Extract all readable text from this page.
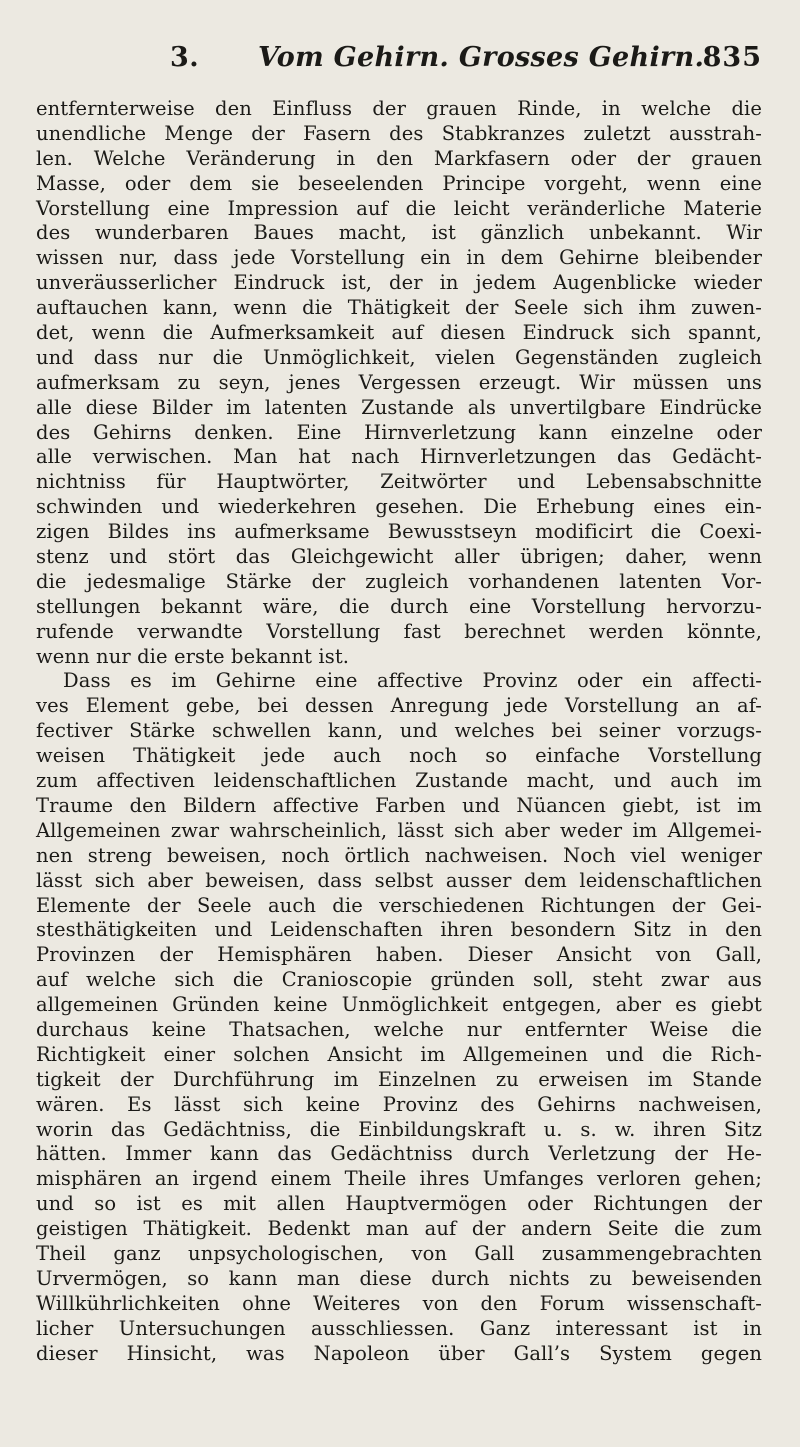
3. Vom Gehirn. Grosses Gehirn.
835
entfernterweise den Einfluss der grauen Rinde, in welche die
unendliche Menge der Fasern des Stabkranzes zuletzt ausstrah-
len. Welche Veränderung in den Markfasern oder der grauen
Masse, oder dem sie beseelenden Principe vorgeht, wenn eine
Vorstellung eine Impression auf die leicht veränderliche Materie
des wunderbaren Baues macht, ist gänzlich unbekannt. Wir
wissen nur, dass jede Vorstellung ein in dem Gehirne bleibender
unveräusserlicher Eindruck ist, der in jedem Augenblicke wieder
auftauchen kann, wenn die Thätigkeit der Seele sich ihm zuwen-
det, wenn die Aufmerksamkeit auf diesen Eindruck sich spannt,
und dass nur die Unmöglichkeit, vielen Gegenständen zugleich
aufmerksam zu seyn, jenes Vergessen erzeugt. Wir müssen uns
alle diese Bilder im latenten Zustande als unvertilgbare Eindrücke
des Gehirns denken. Eine Hirnverletzung kann einzelne oder
alle verwischen. Man hat nach Hirnverletzungen das Gedächt-
nichtniss für Hauptwörter, Zeitwörter und Lebensabschnitte
schwinden und wiederkehren gesehen. Die Erhebung eines ein-
zigen Bildes ins aufmerksame Bewusstseyn modificirt die Coexi-
stenz und stört das Gleichgewicht aller übrigen; daher, wenn
die jedesmalige Stärke der zugleich vorhandenen latenten Vor-
stellungen bekannt wäre, die durch eine Vorstellung hervorzu-
rufende verwandte Vorstellung fast berechnet werden könnte,
wenn nur die erste bekannt ist.
Dass es im Gehirne eine affective Provinz oder ein affecti-
ves Element gebe, bei dessen Anregung jede Vorstellung an af-
fectiver Stärke schwellen kann, und welches bei seiner vorzugs-
weisen Thätigkeit jede auch noch so einfache Vorstellung
zum affectiven leidenschaftlichen Zustande macht, und auch im
Traume den Bildern affective Farben und Nüancen giebt, ist im
Allgemeinen zwar wahrscheinlich, lässt sich aber weder im Allgemei-
nen streng beweisen, noch örtlich nachweisen. Noch viel weniger
lässt sich aber beweisen, dass selbst ausser dem leidenschaftlichen
Elemente der Seele auch die verschiedenen Richtungen der Gei-
stesthätigkeiten und Leidenschaften ihren besondern Sitz in den
Provinzen der Hemisphären haben. Dieser Ansicht von Gall,
auf welche sich die Cranioscopie gründen soll, steht zwar aus
allgemeinen Gründen keine Unmöglichkeit entgegen, aber es giebt
durchaus keine Thatsachen, welche nur entfernter Weise die
Richtigkeit einer solchen Ansicht im Allgemeinen und die Rich-
tigkeit der Durchführung im Einzelnen zu erweisen im Stande
wären. Es lässt sich keine Provinz des Gehirns nachweisen,
worin das Gedächtniss, die Einbildungskraft u. s. w. ihren Sitz
hätten. Immer kann das Gedächtniss durch Verletzung der He-
misphären an irgend einem Theile ihres Umfanges verloren gehen;
und so ist es mit allen Hauptvermögen oder Richtungen der
geistigen Thätigkeit. Bedenkt man auf der andern Seite die zum
Theil ganz unpsychologischen, von Gall zusammengebrachten
Urvermögen, so kann man diese durch nichts zu beweisenden
Willkührlichkeiten ohne Weiteres von den Forum wissenschaft-
licher Untersuchungen ausschliessen. Ganz interessant ist in
dieser Hinsicht, was Napoleon über Gall’s System gegen
